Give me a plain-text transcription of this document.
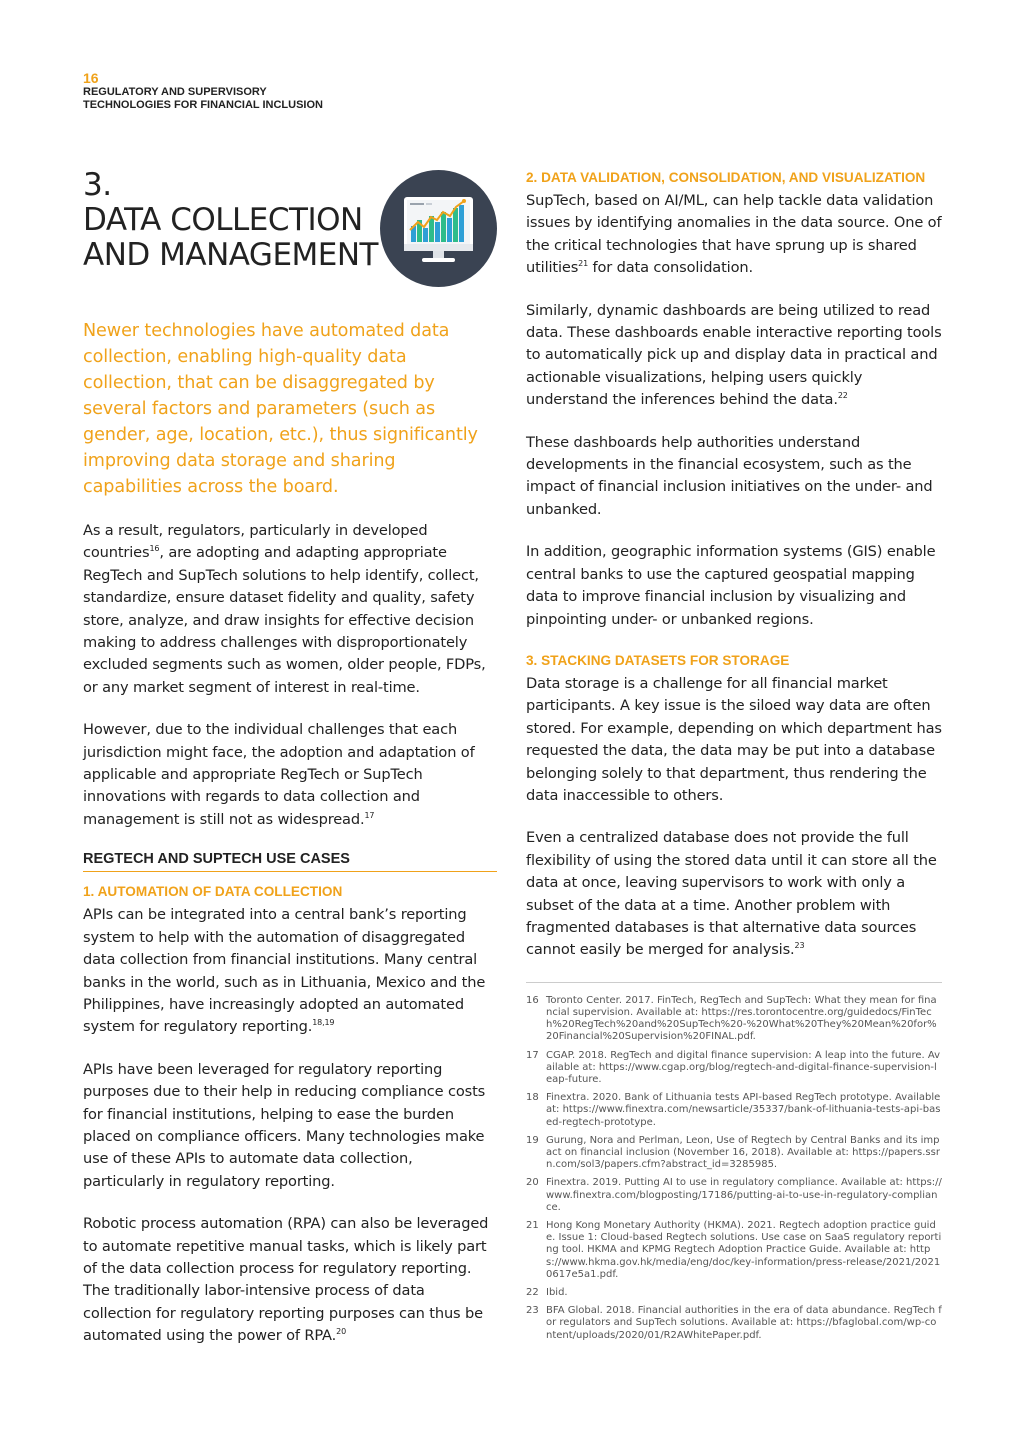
16
REGULATORY AND SUPERVISORY
TECHNOLOGIES FOR FINANCIAL INCLUSION
3.
DATA COLLECTION
AND MANAGEMENT
Newer technologies have automated data collection, enabling high-quality data collection, that can be disaggregated by several factors and parameters (such as gender, age, location, etc.), thus significantly improving data storage and sharing capabilities across the board.

As a result, regulators, particularly in developed countries$^{16}$, are adopting and adapting appropriate RegTech and SupTech solutions to help identify, collect, standardize, ensure dataset fidelity and quality, safety store, analyze, and draw insights for effective decision making to address challenges with disproportionately excluded segments such as women, older people, FDPs, or any market segment of interest in real-time.

However, due to the individual challenges that each jurisdiction might face, the adoption and adaptation of applicable and appropriate RegTech or SupTech innovations with regards to data collection and management is still not as widespread.$^{17}$

REGTECH AND SUPTECH USE CASES
1. AUTOMATION OF DATA COLLECTION

APIs can be integrated into a central bank’s reporting system to help with the automation of disaggregated data collection from financial institutions. Many central banks in the world, such as in Lithuania, Mexico and the Philippines, have increasingly adopted an automated system for regulatory reporting.$^{18,19}$

APIs have been leveraged for regulatory reporting purposes due to their help in reducing compliance costs for financial institutions, helping to ease the burden placed on compliance officers. Many technologies make use of these APIs to automate data collection, particularly in regulatory reporting.

Robotic process automation (RPA) can also be leveraged to automate repetitive manual tasks, which is likely part of the data collection process for regulatory reporting. The traditionally labor-intensive process of data collection for regulatory reporting purposes can thus be automated using the power of RPA.$^{20}$

2. DATA VALIDATION, CONSOLIDATION, AND VISUALIZATION

SupTech, based on AI/ML, can help tackle data validation issues by identifying anomalies in the data source. One of the critical technologies that have sprung up is shared utilities$^{21}$ for data consolidation.

Similarly, dynamic dashboards are being utilized to read data. These dashboards enable interactive reporting tools to automatically pick up and display data in practical and actionable visualizations, helping users quickly understand the inferences behind the data.$^{22}$

These dashboards help authorities understand developments in the financial ecosystem, such as the impact of financial inclusion initiatives on the under- and unbanked.

In addition, geographic information systems (GIS) enable central banks to use the captured geospatial mapping data to improve financial inclusion by visualizing and pinpointing under- or unbanked regions.

3. STACKING DATASETS FOR STORAGE

Data storage is a challenge for all financial market participants. A key issue is the siloed way data are often stored. For example, depending on which department has requested the data, the data may be put into a database belonging solely to that department, thus rendering the data inaccessible to others.

Even a centralized database does not provide the full flexibility of using the stored data until it can store all the data at once, leaving supervisors to work with only a subset of the data at a time. Another problem with fragmented databases is that alternative data sources cannot easily be merged for analysis.$^{23}$

16 Toronto Center. 2017. FinTech, RegTech and SupTech: What they mean for financial supervision. Available at: https://res.torontocentre.org/guidedocs/FinTech%20RegTech%20and%20SupTech%20-%20What%20They%20Mean%20for%20Financial%20Supervision%20FINAL.pdf.
17 CGAP. 2018. RegTech and digital finance supervision: A leap into the future. Available at: https://www.cgap.org/blog/regtech-and-digital-finance-supervision-leap-future.
18 Finextra. 2020. Bank of Lithuania tests API-based RegTech prototype. Available at: https://www.finextra.com/newsarticle/35337/bank-of-lithuania-tests-api-based-regtech-prototype.
19 Gurung, Nora and Perlman, Leon, Use of Regtech by Central Banks and its impact on financial inclusion (November 16, 2018). Available at: https://papers.ssrn.com/sol3/papers.cfm?abstract_id=3285985.
20 Finextra. 2019. Putting AI to use in regulatory compliance. Available at: https://www.finextra.com/blogposting/17186/putting-ai-to-use-in-regulatory-compliance.
21 Hong Kong Monetary Authority (HKMA). 2021. Regtech adoption practice guide. Issue 1: Cloud-based Regtech solutions. Use case on SaaS regulatory reporting tool. HKMA and KPMG Regtech Adoption Practice Guide. Available at: https://www.hkma.gov.hk/media/eng/doc/key-information/press-release/2021/20210617e5a1.pdf.
22 Ibid.
23 BFA Global. 2018. Financial authorities in the era of data abundance. RegTech for regulators and SupTech solutions. Available at: https://bfaglobal.com/wp-content/uploads/2020/01/R2AWhitePaper.pdf.
